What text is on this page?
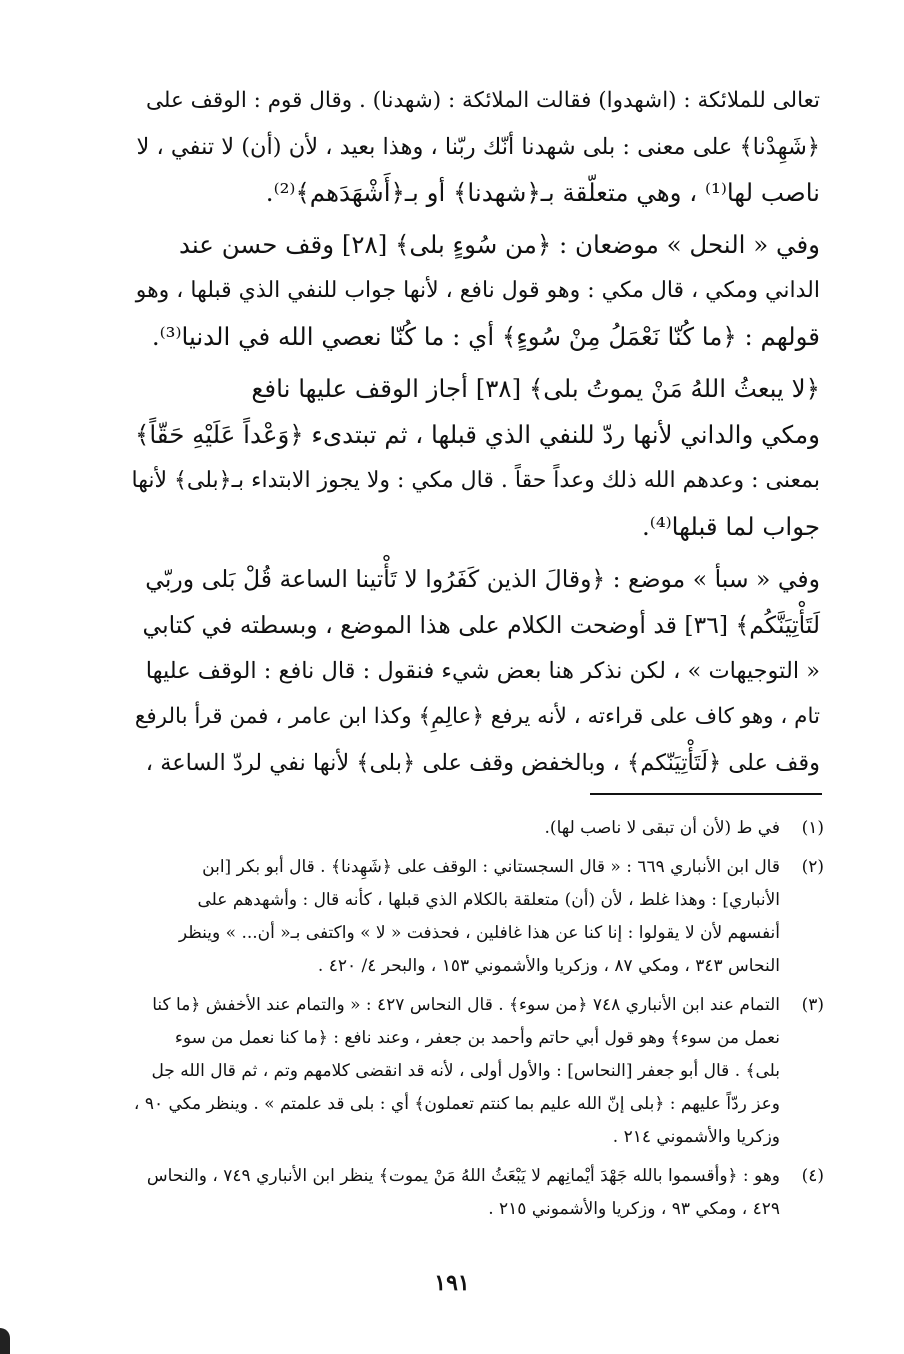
تعالى للملائكة : (اشهدوا) فقالت الملائكة : (شهدنا) . وقال قوم : الوقف على
﴿شَهِدْنا﴾ على معنى : بلى شهدنا أنّك ربّنا ، وهذا بعيد ، لأن (أن) لا تنفي ، لا
ناصب لها⁽¹⁾ ، وهي متعلّقة بـ﴿شهدنا﴾ أو بـ﴿أَشْهَدَهم﴾⁽²⁾.

وفي « النحل » موضعان : ﴿من سُوءٍ بلى﴾ [٢٨] وقف حسن عند
الداني ومكي ، قال مكي : وهو قول نافع ، لأنها جواب للنفي الذي قبلها ، وهو
قولهم : ﴿ما كُنّا نَعْمَلُ مِنْ سُوءٍ﴾ أي : ما كُنّا نعصي الله في الدنيا⁽³⁾.

﴿لا يبعثُ اللهُ مَنْ يموتُ بلى﴾ [٣٨] أجاز الوقف عليها نافع
ومكي والداني لأنها ردّ للنفي الذي قبلها ، ثم تبتدىء ﴿وَعْداً عَلَيْهِ حَقّاً﴾
بمعنى : وعدهم الله ذلك وعداً حقاً . قال مكي : ولا يجوز الابتداء بـ﴿بلى﴾ لأنها
جواب لما قبلها⁽⁴⁾.

وفي « سبأ » موضع : ﴿وقالَ الذين كَفَرُوا لا تَأْتينا الساعة قُلْ بَلى وربّي
لَتَأْتِيَنَّكُم﴾ [٣٦] قد أوضحت الكلام على هذا الموضع ، وبسطته في كتابي
« التوجيهات » ، لكن نذكر هنا بعض شيء فنقول : قال نافع : الوقف عليها
تام ، وهو كاف على قراءته ، لأنه يرفع ﴿عالِمِ﴾ وكذا ابن عامر ، فمن قرأ بالرفع
وقف على ﴿لَتَأْتِيَنّكم﴾ ، وبالخفض وقف على ﴿بلى﴾ لأنها نفي لردّ الساعة ،

(١)
في ط (لأن أن تبقى لا ناصب لها).
(٢)
قال ابن الأنباري ٦٦٩ : « قال السجستاني : الوقف على ﴿شَهِدنا﴾ . قال أبو بكر [ابن
الأنباري] : وهذا غلط ، لأن (أن) متعلقة بالكلام الذي قبلها ، كأنه قال : وأشهدهم على
أنفسهم لأن لا يقولوا : إنا كنا عن هذا غافلين ، فحذفت « لا » واكتفى بـ« أن... » وينظر
النحاس ٣٤٣ ، ومكي ٨٧ ، وزكريا والأشموني ١٥٣ ، والبحر ٤/ ٤٢٠ .
(٣)
التمام عند ابن الأنباري ٧٤٨ ﴿من سوء﴾ . قال النحاس ٤٢٧ : « والتمام عند الأخفش ﴿ما كنا
نعمل من سوء﴾ وهو قول أبي حاتم وأحمد بن جعفر ، وعند نافع : ﴿ما كنا نعمل من سوء
بلى﴾ . قال أبو جعفر [النحاس] : والأول أولى ، لأنه قد انقضى كلامهم وتم ، ثم قال الله جل
وعز ردّاً عليهم : ﴿بلى إنّ الله عليم بما كنتم تعملون﴾ أي : بلى قد علمتم » . وينظر مكي ٩٠ ،
وزكريا والأشموني ٢١٤ .
(٤)
وهو : ﴿وأقسموا بالله جَهْدَ أيْمانِهم لا يَبْعَثُ اللهُ مَنْ يموت﴾ ينظر ابن الأنباري ٧٤٩ ، والنحاس
٤٢٩ ، ومكي ٩٣ ، وزكريا والأشموني ٢١٥ .
١٩١
